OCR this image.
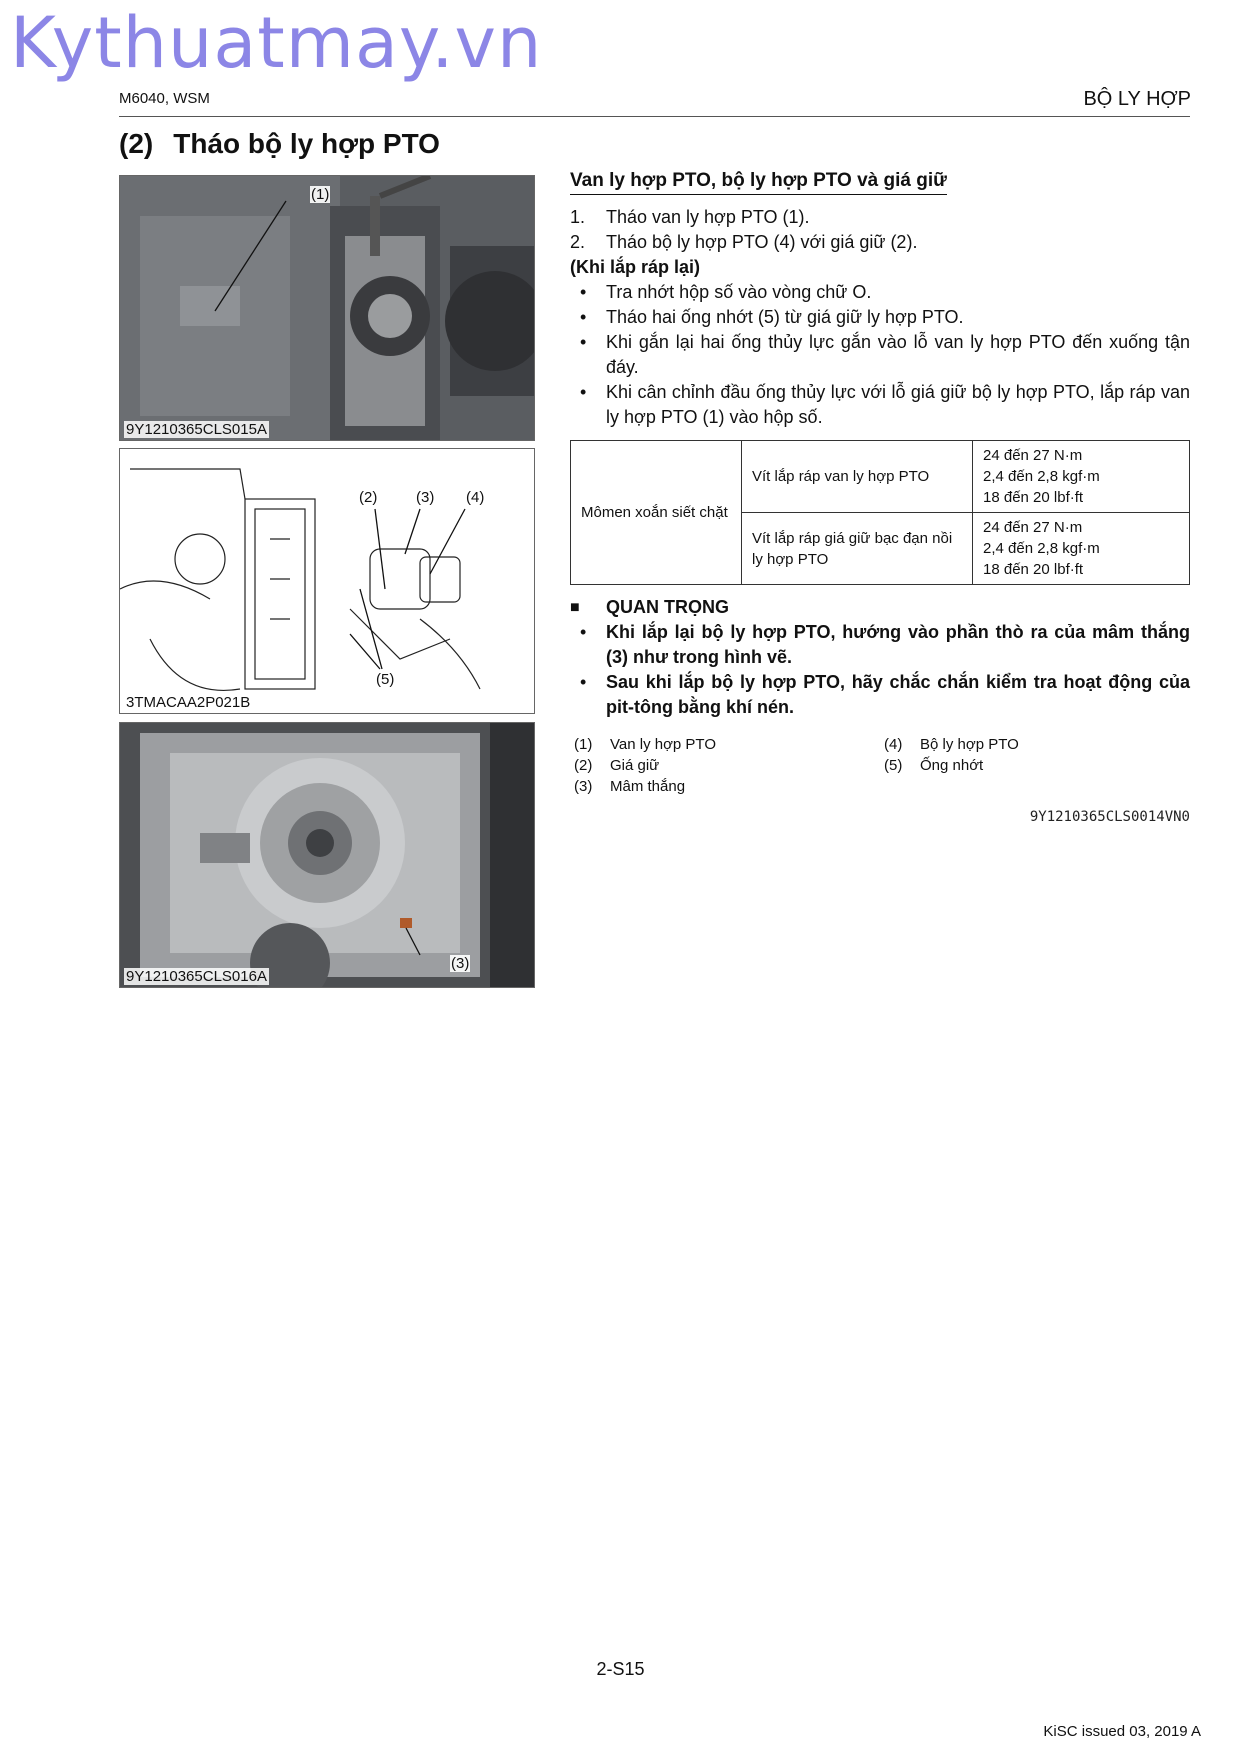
Kythuatmay.vn
M6040, WSM	BỘ LY HỢP
(2) Tháo bộ ly hợp PTO
(1)
9Y1210365CLS015A
(2)	(3) (4)
(5)
3TMACAA2P021B
(3)
9Y1210365CLS016A
Van ly hợp PTO, bộ ly hợp PTO và giá giữ
1.	Tháo van ly hợp PTO (1).
2.	Tháo bộ ly hợp PTO (4) với giá giữ (2).
(Khi lắp ráp lại)
•	Tra nhớt hộp số vào vòng chữ O.
•	Tháo hai ống nhớt (5) từ giá giữ ly hợp PTO.
•	Khi gắn lại hai ống thủy lực gắn vào lỗ van ly hợp PTO đến xuống tận đáy.
•	Khi cân chỉnh đầu ống thủy lực với lỗ giá giữ bộ ly hợp PTO, lắp ráp van ly hợp PTO (1) vào hộp số.
Mômen xoắn siết chặt	Vít lắp ráp van ly hợp PTO	24 đến 27 N·m
2,4 đến 2,8 kgf·m
18 đến 20 lbf·ft

	Vít lắp ráp giá giữ bạc đạn nồi ly hợp PTO	24 đến 27 N·m
2,4 đến 2,8 kgf·m
18 đến 20 lbf·ft
■	QUAN TRỌNG
•	Khi lắp lại bộ ly hợp PTO, hướng vào phần thò ra của mâm thắng (3) như trong hình vẽ.
•	Sau khi lắp bộ ly hợp PTO, hãy chắc chắn kiểm tra hoạt động của pit-tông bằng khí nén.
(1)	Van ly hợp PTO	(4)	Bộ ly hợp PTO
(2)	Giá giữ	(5)	Ống nhớt
(3)	Mâm thắng
9Y1210365CLS0014VN0
2-S15
KiSC issued 03, 2019 A
